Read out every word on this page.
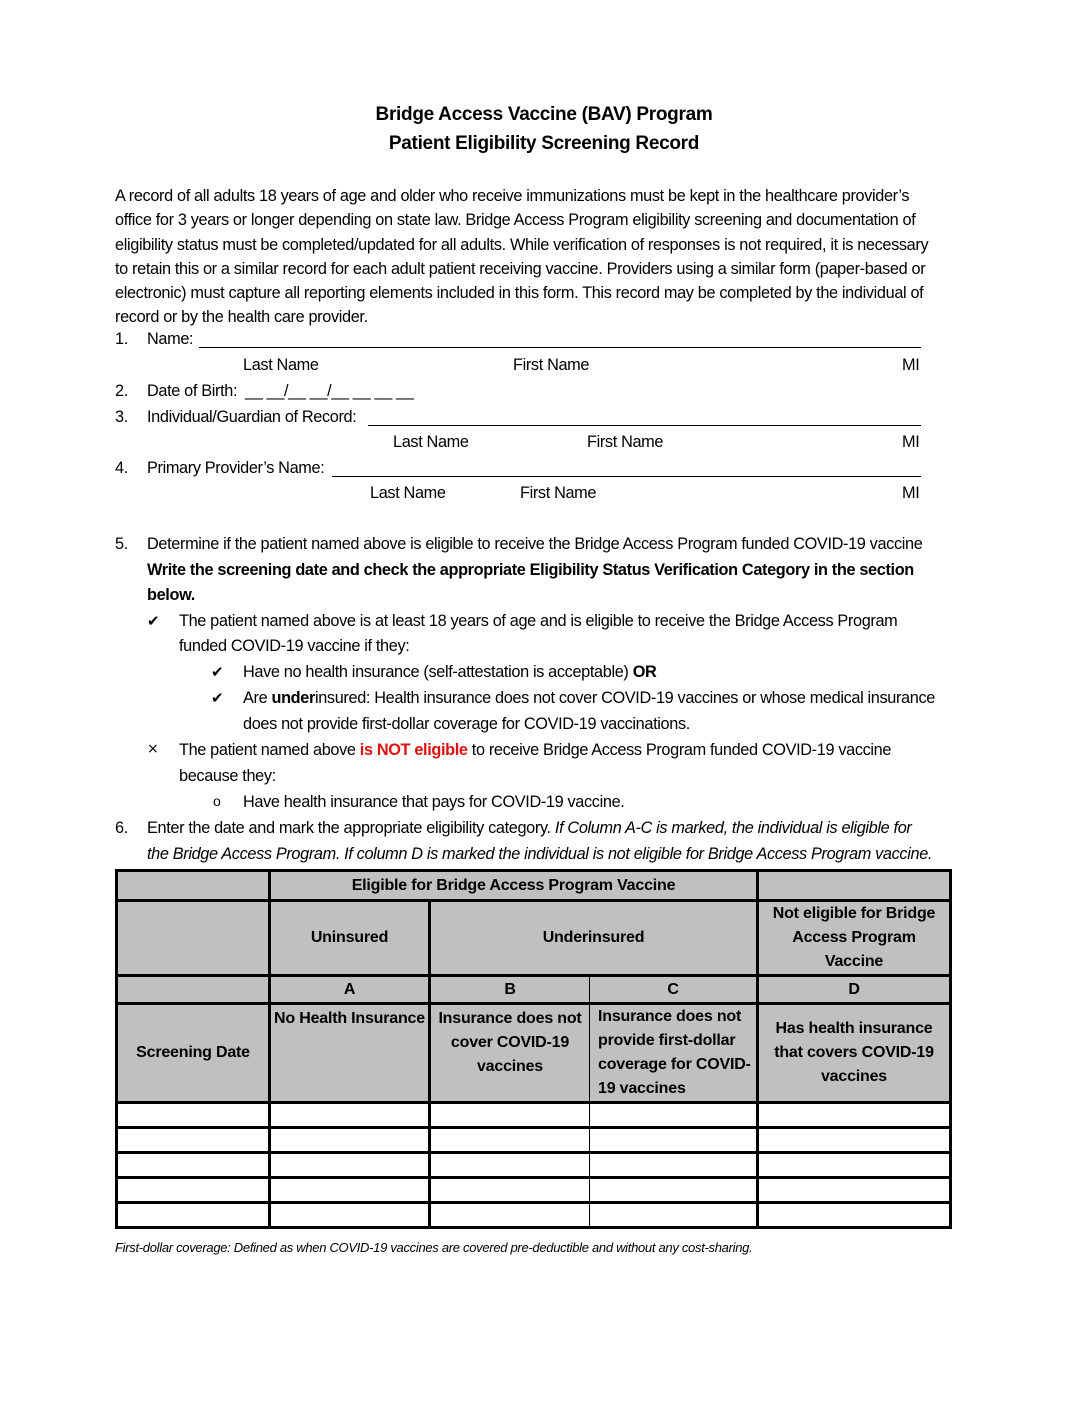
Bridge Access Vaccine (BAV) Program
Patient Eligibility Screening Record
A record of all adults 18 years of age and older who receive immunizations must be kept in the healthcare provider’s
office for 3 years or longer depending on state law. Bridge Access Program eligibility screening and documentation of
eligibility status must be completed/updated for all adults. While verification of responses is not required, it is necessary
to retain this or a similar record for each adult patient receiving vaccine. Providers using a similar form (paper-based or
electronic) must capture all reporting elements included in this form. This record may be completed by the individual of
record or by the health care provider.
1. Name:
Last Name	First Name	MI
2. Date of Birth: __ __/__ __/__ __ __ __
3. Individual/Guardian of Record:
Last Name	First Name	MI
4. Primary Provider’s Name:
Last Name	First Name	MI
5. Determine if the patient named above is eligible to receive the Bridge Access Program funded COVID-19 vaccine
Write the screening date and check the appropriate Eligibility Status Verification Category in the section
below.
✔ The patient named above is at least 18 years of age and is eligible to receive the Bridge Access Program
funded COVID-19 vaccine if they:
✔ Have no health insurance (self-attestation is acceptable) OR
✔ Are underinsured: Health insurance does not cover COVID-19 vaccines or whose medical insurance
does not provide first-dollar coverage for COVID-19 vaccinations.
× The patient named above is NOT eligible to receive Bridge Access Program funded COVID-19 vaccine
because they:
o Have health insurance that pays for COVID-19 vaccine.
6. Enter the date and mark the appropriate eligibility category. If Column A-C is marked, the individual is eligible for
the Bridge Access Program. If column D is marked the individual is not eligible for Bridge Access Program vaccine.
	Eligible for Bridge Access Program Vaccine			
	Uninsured	Underinsured		Not eligible for Bridge Access Program Vaccine
	A	B	C	D
Screening Date	No Health Insurance	Insurance does not cover COVID-19 vaccines	Insurance does not provide first-dollar coverage for COVID-19 vaccines	Has health insurance that covers COVID-19 vaccines

First-dollar coverage: Defined as when COVID-19 vaccines are covered pre-deductible and without any cost-sharing.
